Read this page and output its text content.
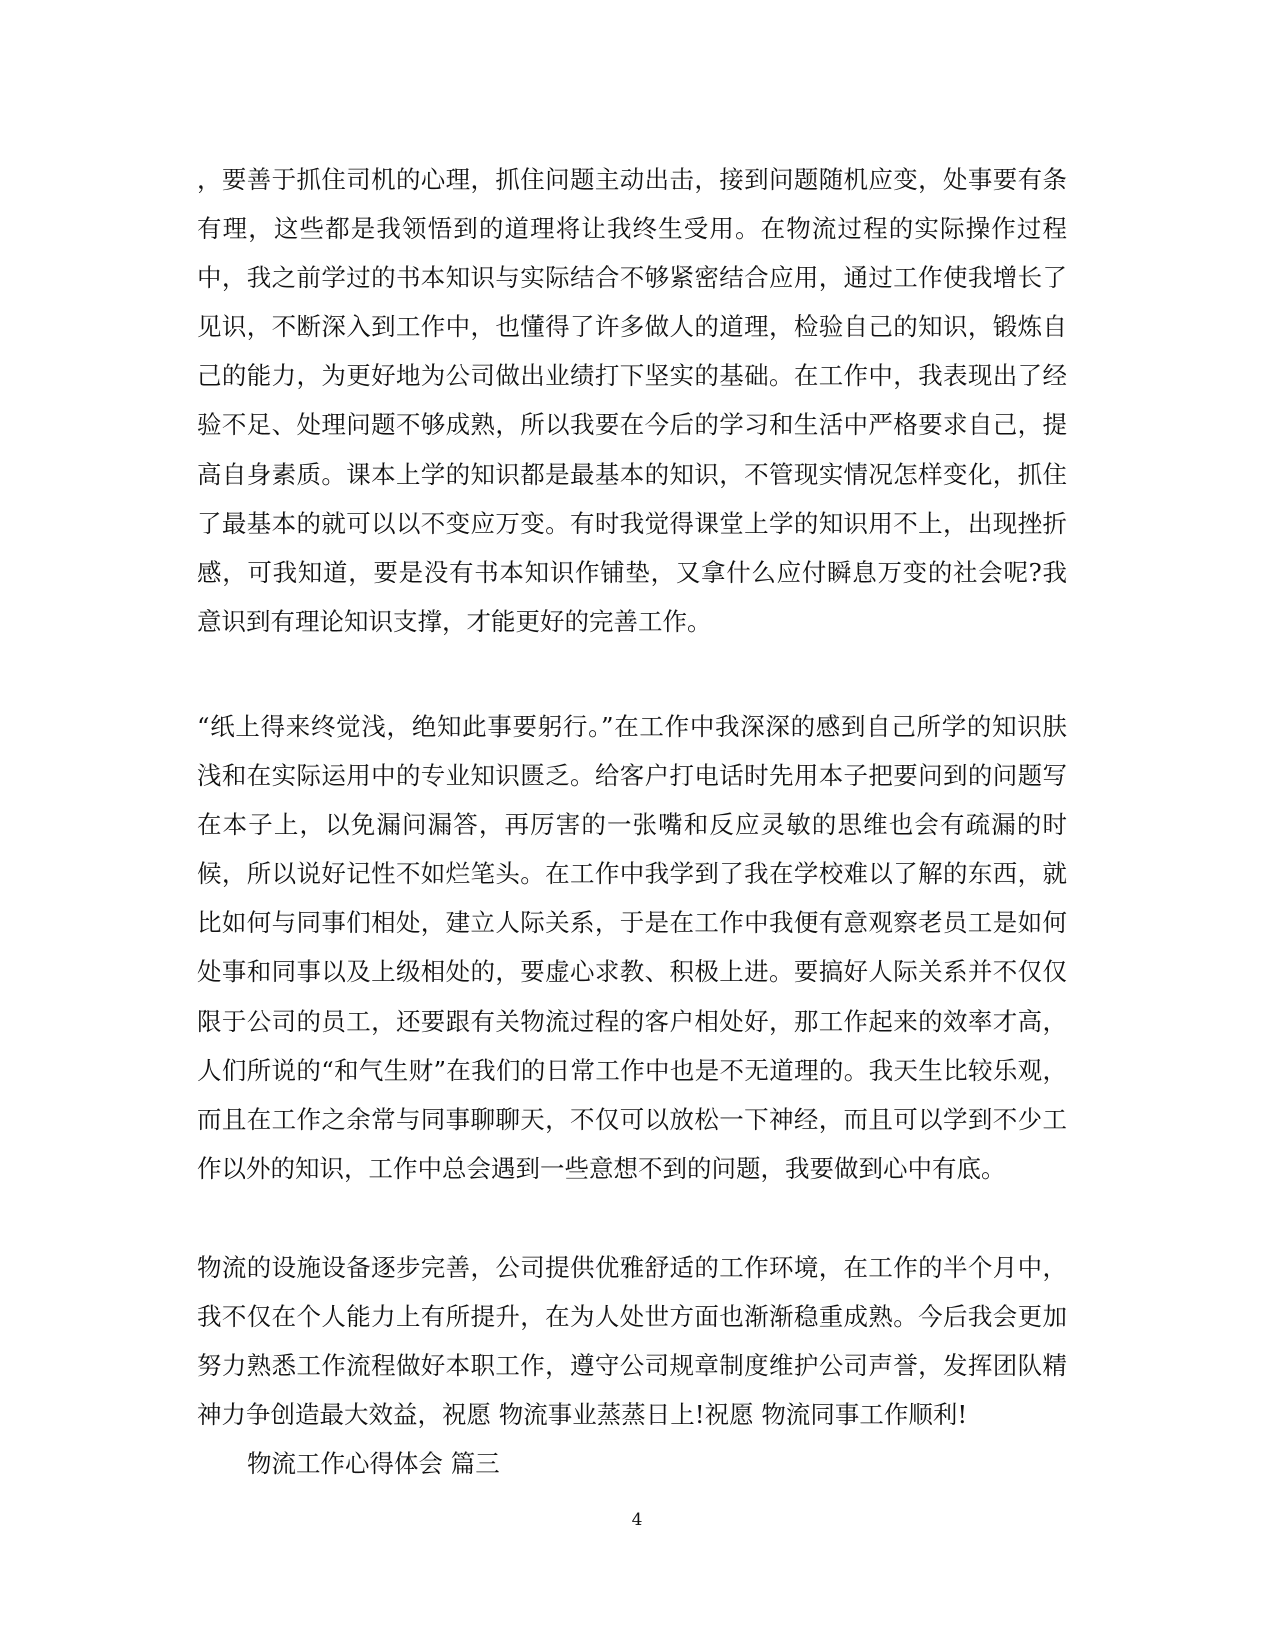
，要善于抓住司机的心理，抓住问题主动出击，接到问题随机应变，处事要有条有理，这些都是我领悟到的道理将让我终生受用。在物流过程的实际操作过程中，我之前学过的书本知识与实际结合不够紧密结合应用，通过工作使我增长了见识，不断深入到工作中，也懂得了许多做人的道理，检验自己的知识，锻炼自己的能力，为更好地为公司做出业绩打下坚实的基础。在工作中，我表现出了经验不足、处理问题不够成熟，所以我要在今后的学习和生活中严格要求自己，提高自身素质。课本上学的知识都是最基本的知识，不管现实情况怎样变化，抓住了最基本的就可以以不变应万变。有时我觉得课堂上学的知识用不上，出现挫折感，可我知道，要是没有书本知识作铺垫，又拿什么应付瞬息万变的社会呢?我意识到有理论知识支撑，才能更好的完善工作。

“纸上得来终觉浅，绝知此事要躬行。”在工作中我深深的感到自己所学的知识肤浅和在实际运用中的专业知识匮乏。给客户打电话时先用本子把要问到的问题写在本子上，以免漏问漏答，再厉害的一张嘴和反应灵敏的思维也会有疏漏的时候，所以说好记性不如烂笔头。在工作中我学到了我在学校难以了解的东西，就比如何与同事们相处，建立人际关系，于是在工作中我便有意观察老员工是如何处事和同事以及上级相处的，要虚心求教、积极上进。要搞好人际关系并不仅仅限于公司的员工，还要跟有关物流过程的客户相处好，那工作起来的效率才高，人们所说的“和气生财”在我们的日常工作中也是不无道理的。我天生比较乐观，而且在工作之余常与同事聊聊天，不仅可以放松一下神经，而且可以学到不少工作以外的知识，工作中总会遇到一些意想不到的问题，我要做到心中有底。

物流的设施设备逐步完善，公司提供优雅舒适的工作环境，在工作的半个月中，我不仅在个人能力上有所提升，在为人处世方面也渐渐稳重成熟。今后我会更加努力熟悉工作流程做好本职工作，遵守公司规章制度维护公司声誉，发挥团队精神力争创造最大效益，祝愿 物流事业蒸蒸日上!祝愿 物流同事工作顺利!

物流工作心得体会 篇三

4
